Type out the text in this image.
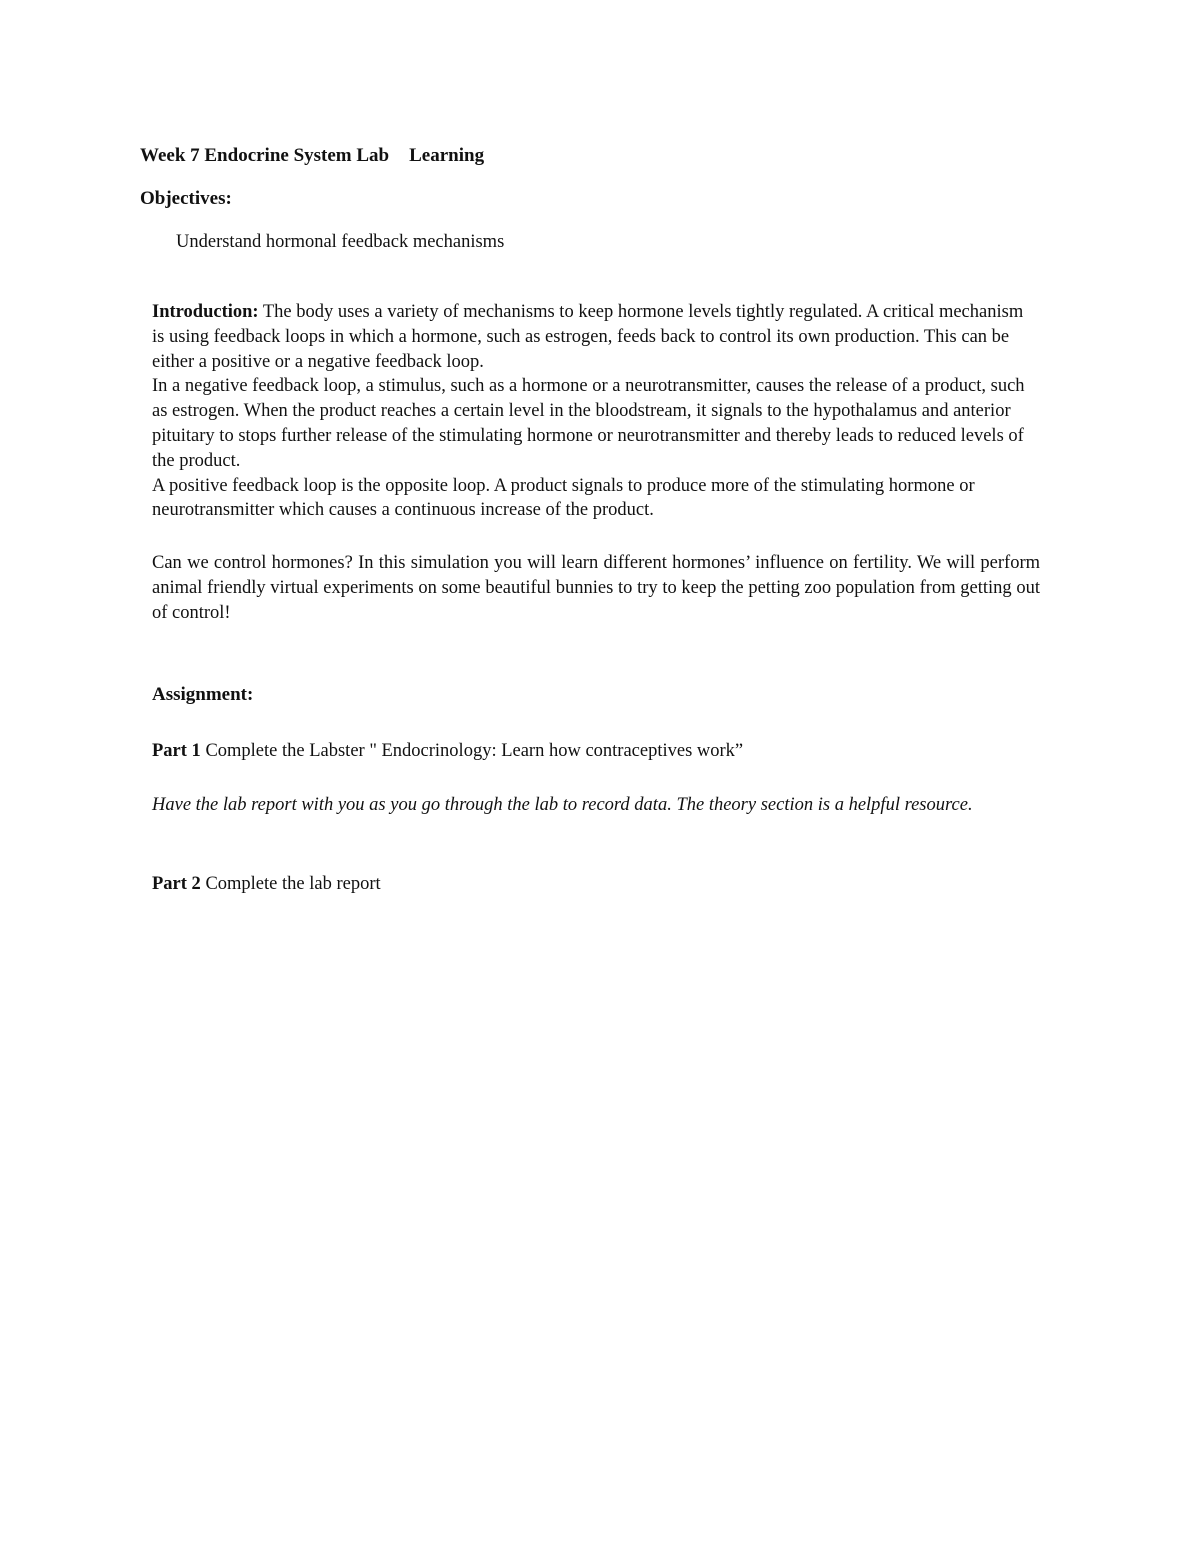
Week 7 Endocrine System Lab Learning
Objectives:
Understand hormonal feedback mechanisms

Introduction: The body uses a variety of mechanisms to keep hormone levels tightly regulated. A critical mechanism is using feedback loops in which a hormone, such as estrogen, feeds back to control its own production. This can be either a positive or a negative feedback loop.

In a negative feedback loop, a stimulus, such as a hormone or a neurotransmitter, causes the release of a product, such as estrogen. When the product reaches a certain level in the bloodstream, it signals to the hypothalamus and anterior pituitary to stops further release of the stimulating hormone or neurotransmitter and thereby leads to reduced levels of the product.

A positive feedback loop is the opposite loop. A product signals to produce more of the stimulating hormone or neurotransmitter which causes a continuous increase of the product.

Can we control hormones? In this simulation you will learn different hormones’ influence on fertility. We will perform animal friendly virtual experiments on some beautiful bunnies to try to keep the petting zoo population from getting out of control!
Assignment:
Part 1 Complete the Labster " Endocrinology: Learn how contraceptives work”
Have the lab report with you as you go through the lab to record data. The theory section is a helpful resource.
Part 2 Complete the lab report
